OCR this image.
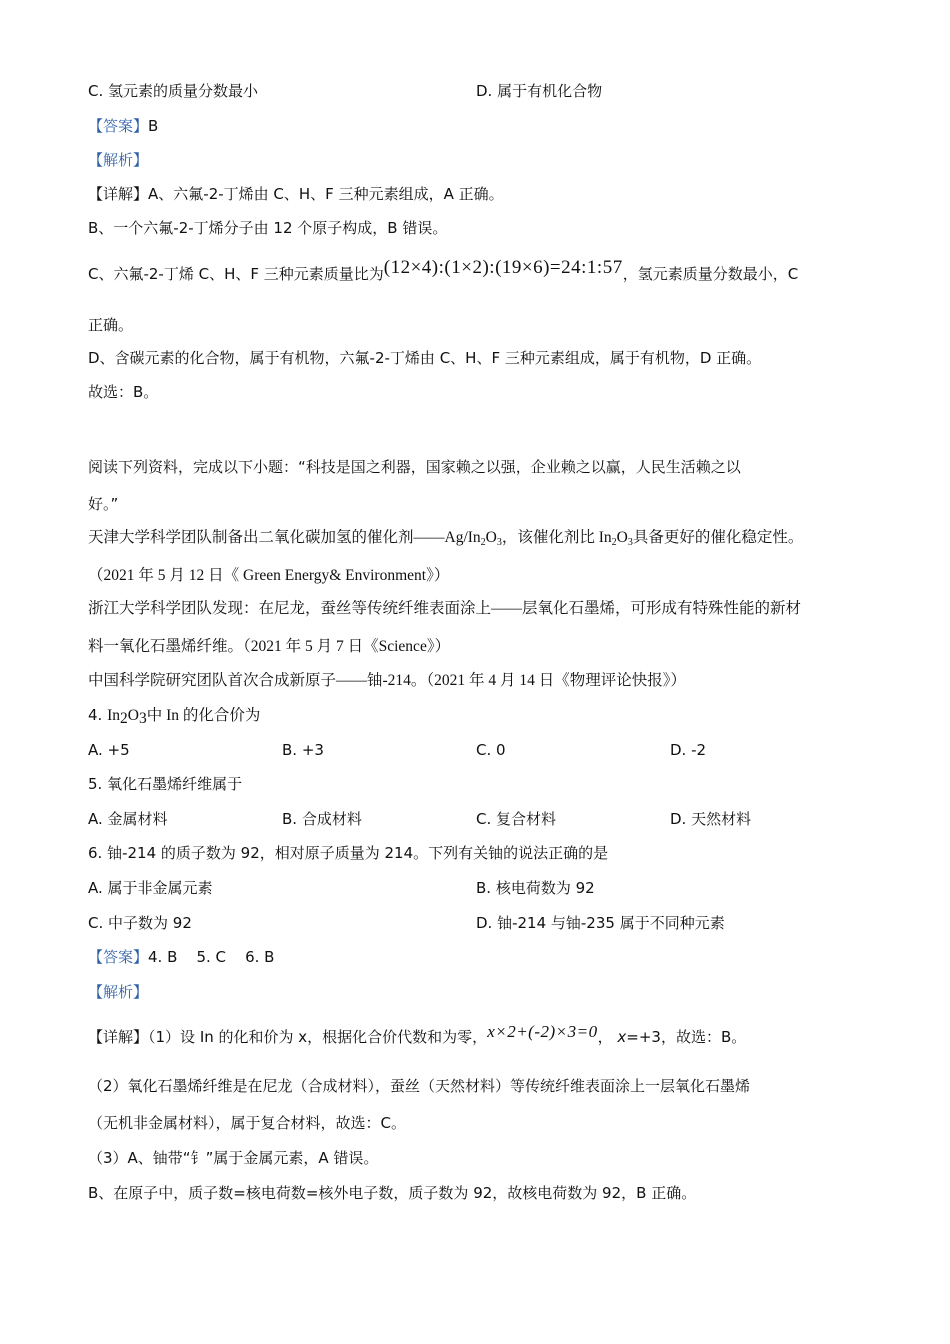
C. 氢元素的质量分数最小	D. 属于有机化合物
【答案】B
【解析】
【详解】A、六氟-2-丁烯由 C、H、F 三种元素组成，A 正确。
B、一个六氟-2-丁烯分子由 12 个原子构成，B 错误。
C、六氟-2-丁烯 C、H、F 三种元素质量比为(12×4):(1×2):(19×6)=24:1:57，氢元素质量分数最小，C
正确。
D、含碳元素的化合物，属于有机物，六氟-2-丁烯由 C、H、F 三种元素组成，属于有机物，D 正确。
故选：B。
阅读下列资料，完成以下小题：“科技是国之利器，国家赖之以强，企业赖之以赢，人民生活赖之以
好。”
天津大学科学团队制备出二氧化碳加氢的催化剂$——Ag/In_2O_3$，该催化剂比 $In_2O_3$具备更好的催化稳定性。
（2021 年 5 月 12 日《 Green Energy& Environment》）
浙江大学科学团队发现：在尼龙，蚕丝等传统纤维表面涂上——层氧化石墨烯，可形成有特殊性能的新材
料一氧化石墨烯纤维。（2021 年 5 月 7 日《Science》）
中国科学院研究团队首次合成新原子——铀-214。（2021 年 4 月 14 日《物理评论快报》）
4. $In_2O_3$中 In 的化合价为
A. +5	B. +3	C. 0	D. -2
5. 氧化石墨烯纤维属于
A. 金属材料	B. 合成材料	C. 复合材料	D. 天然材料
6. 铀-214 的质子数为 92，相对原子质量为 214。下列有关铀的说法正确的是
A. 属于非金属元素	B. 核电荷数为 92
C. 中子数为 92	D. 铀-214 与铀-235 属于不同种元素
【答案】4. B    5. C    6. B
【解析】
【详解】（1）设 In 的化和价为 x，根据化合价代数和为零，x×2+(-2)×3=0， x=+3，故选：B。
（2）氧化石墨烯纤维是在尼龙（合成材料），蚕丝（天然材料）等传统纤维表面涂上一层氧化石墨烯
（无机非金属材料），属于复合材料，故选：C。
（3）A、铀带“钅”属于金属元素，A 错误。
B、在原子中，质子数=核电荷数=核外电子数，质子数为 92，故核电荷数为 92，B 正确。
